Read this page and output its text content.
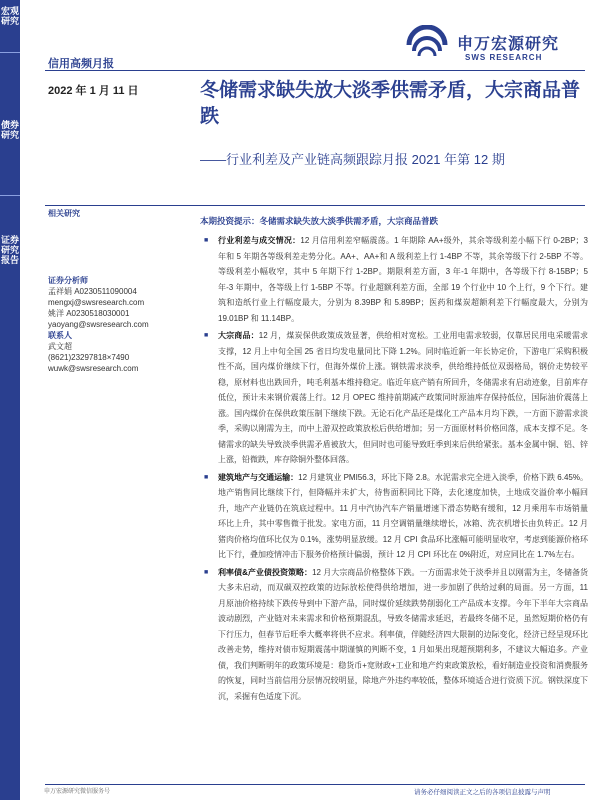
宏观研究
债券研究
证券研究报告
申万宏源研究
SWS RESEARCH
信用高频月报
2022 年 1 月 11 日	冬储需求缺失放大淡季供需矛盾，大宗商品普跌
——行业利差及产业链高频跟踪月报 2021 年第 12 期
相关研究
证券分析师
孟祥娟 A0230511090004
mengxj@swsresearch.com
姚洋 A0230518030001
yaoyang@swsresearch.com
联系人
武文超
(8621)23297818×7490
wuwk@swsresearch.com
本期投资提示：冬储需求缺失放大淡季供需矛盾，大宗商品普跌
■ 行业利差与成交情况：12 月信用利差窄幅震荡。1 年期除 AA+级外，其余等级利差小幅下行 0-2BP；3 年和 5 年期各等级利差走势分化。AA+、AA+和 A 级利差上行 1-4BP 不等，其余等级下行 2-5BP 不等。等级利差小幅收窄，其中 5 年期下行 1-2BP。期限利差方面，3 年-1 年期中，各等级下行 8-15BP；5 年-3 年期中，各等级上行 1-5BP 不等。行业超额利差方面，全部 19 个行业中 10 个上行，9 个下行。建筑和造纸行业上行幅度最大，分别为 8.39BP 和 5.89BP；医药和煤炭超额利差下行幅度最大，分别为 19.01BP 和 11.14BP。
■ 大宗商品：12 月，煤炭保供政策成效显著，供给相对宽松。工业用电需求较弱，仅靠居民用电采暖需求支撑，12 月上中旬全国 25 省日均发电量同比下降 1.2%。同时临近新一年长协定价，下游电厂采购积极性不高，国内煤价继续下行，但海外煤价上涨。钢铁需求淡季，供给维持低位双弱格局，钢价走势较平稳，原材料也出跌回升，吨毛利基本维持稳定。临近年底产销有所回升，冬储需求有启动迹象，目前库存低位，预计未来钢价震荡上行。12 月 OPEC 维持前期减产政策同时原油库存保持低位，国际油价震荡上涨。国内煤价在保供政策压制下继续下跌。无论石化产品还是煤化工产品本月均下跌，一方面下游需求淡季，采购以刚需为主，而中上游双控政策放松后供给增加；另一方面原材料价格回落，成本支撑不足。冬储需求的缺失导致淡季供需矛盾被放大，但同时也可能导致旺季到来后供给紧张。基本金属中铜、铝、锌上涨，铅微跌，库存除铜外整体回落。
■ 建筑地产与交通运输：12 月建筑业 PMI56.3，环比下降 2.8。水泥需求完全进入淡季，价格下跌 6.45%。地产销售同比继续下行，但降幅并未扩大，待售面积同比下降，去化速度加快，土地成交溢价率小幅回升，地产产业链仍在筑底过程中。11 月中汽协汽车产销量增速下滑态势略有缓和，12 月乘用车市场销量环比上升，其中零售微于批发。家电方面，11 月空调销量继续增长，冰箱、洗衣机增长由负转正。12 月猪肉价格均值环比仅为 0.1%，涨势明显放缓。12 月 CPI 食品环比涨幅可能明显收窄，考虑到能源价格环比下行，叠加疫情冲击下服务价格预计偏弱，预计 12 月 CPI 环比在 0%附近，对应同比在 1.7%左右。
■ 利率债&产业债投资策略：12 月大宗商品价格整体下跌。一方面需求处于淡季并且以刚需为主，冬储备货大多未启动，而双碳双控政策的边际放松使得供给增加，进一步加剧了供给过剩的局面。另一方面，11 月原油价格持续下跌传导到中下游产品，同时煤价延续跌势削弱化工产品成本支撑。今年下半年大宗商品波动剧烈，产业链对未来需求和价格预期混乱，导致冬储需求延迟，若最终冬储不足，虽然短期价格仍有下行压力，但春节后旺季大概率将供不应求。利率债，伴随经济四大限制的边际变化，经济已经呈现环比改善走势，维持对债市短期震荡中期谨慎的判断不变，1 月如果出现超预期利多，不建议大幅追多。产业债，我们判断明年的政策环境是：稳货币+宽财政+工业和地产约束政策放松，看好制造业投资和消费服务的恢复，同时当前信用分层情况较明显，除地产外违约率较低，整体环境适合进行资质下沉。钢铁深度下沉，采掘有色适度下沉。
申万宏源研究微信服务号	请务必仔细阅读正文之后的各项信息披露与声明
